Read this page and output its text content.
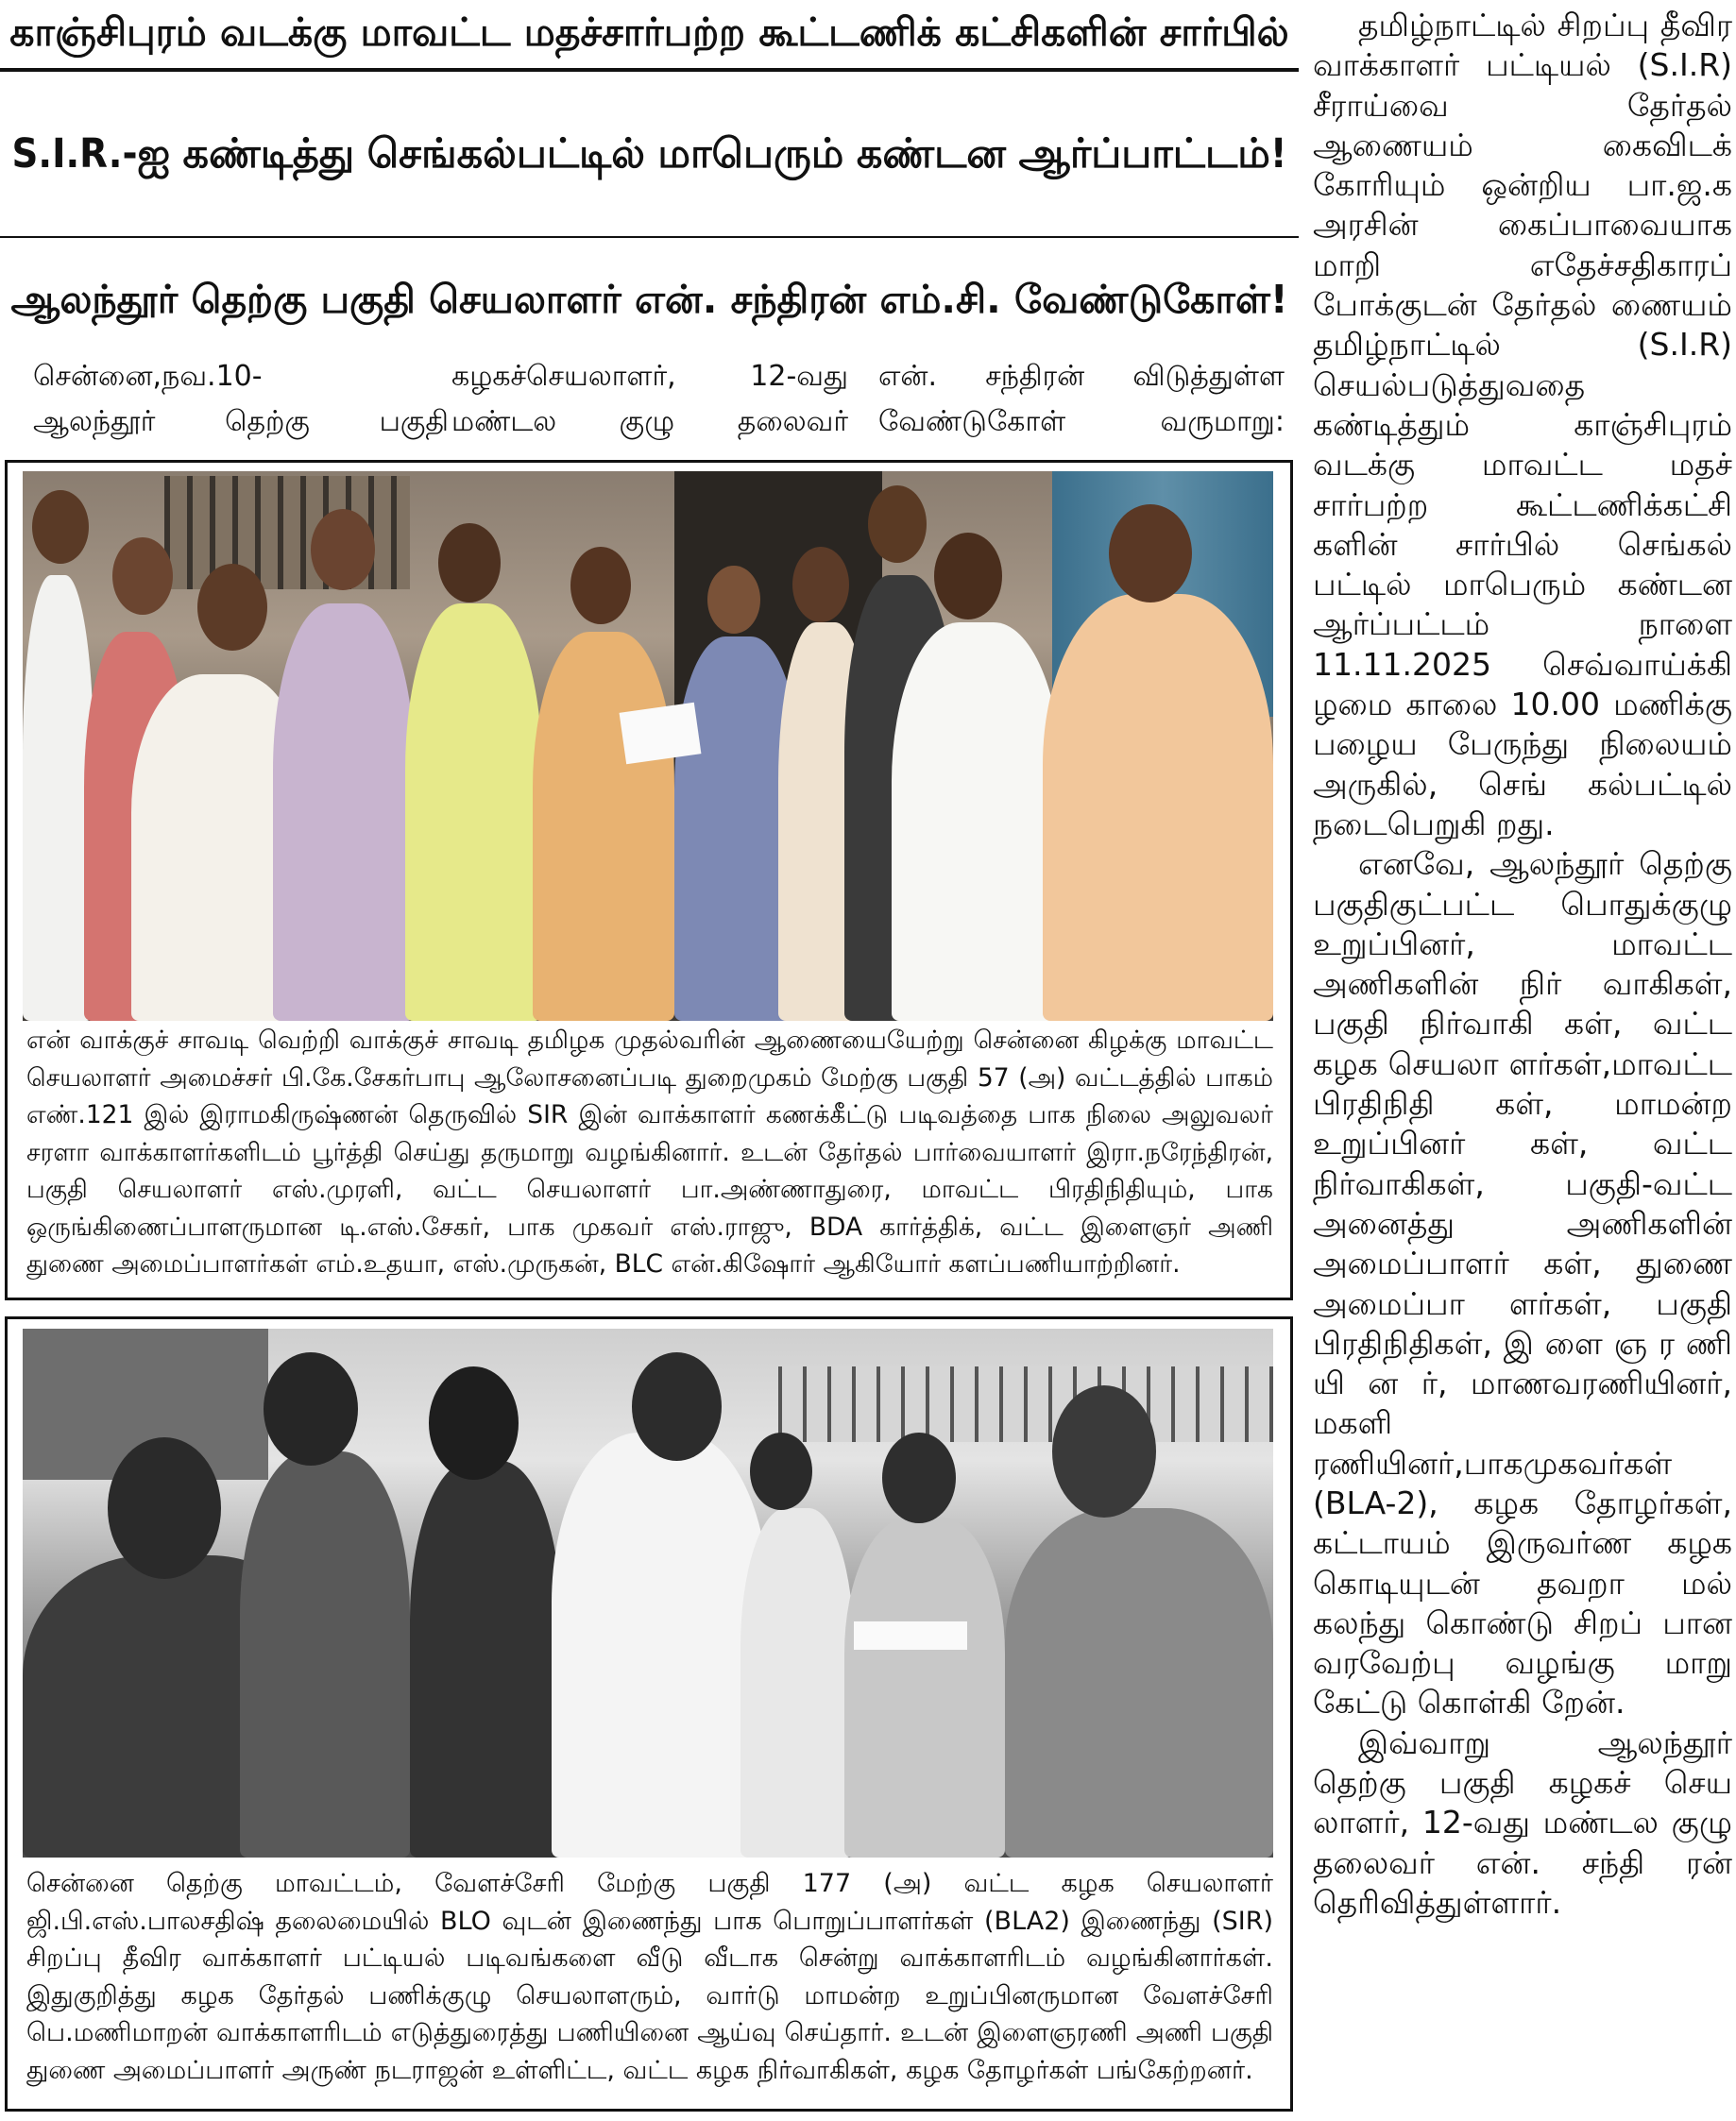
காஞ்சிபுரம் வடக்கு மாவட்ட மதச்சார்பற்ற கூட்டணிக் கட்சிகளின் சார்பில்
S.I.R.-ஐ கண்டித்து செங்கல்பட்டில் மாபெரும் கண்டன ஆர்ப்பாட்டம்!
ஆலந்தூர் தெற்கு பகுதி செயலாளர் என். சந்திரன் எம்.சி. வேண்டுகோள்!
சென்னை,நவ.10-
ஆலந்தூர் தெற்கு பகுதி
கழகச்செயலாளர், 12-வது
மண்டல குழு தலைவர்
என். சந்திரன் விடுத்துள்ள
வேண்டுகோள் வருமாறு:
என் வாக்குச் சாவடி வெற்றி வாக்குச் சாவடி தமிழக முதல்வரின் ஆணையையேற்று சென்னை கிழக்கு மாவட்ட செயலாளர் அமைச்சர் பி.கே.சேகர்பாபு ஆலோசனைப்படி துறைமுகம் மேற்கு பகுதி 57 (அ) வட்டத்தில் பாகம் எண்.121 இல் இராமகிருஷ்ணன் தெருவில் SIR இன் வாக்காளர் கணக்கீட்டு படிவத்தை பாக நிலை அலுவலர் சரளா வாக்காளர்களிடம் பூர்த்தி செய்து தருமாறு வழங்கினார். உடன் தேர்தல் பார்வையாளர் இரா.நரேந்திரன், பகுதி செயலாளர் எஸ்.முரளி, வட்ட செயலாளர் பா.அண்ணாதுரை, மாவட்ட பிரதிநிதியும், பாக ஒருங்கிணைப்பாளருமான டி.எஸ்.சேகர், பாக முகவர் எஸ்.ராஜு, BDA கார்த்திக், வட்ட இளைஞர் அணி துணை அமைப்பாளர்கள் எம்.உதயா, எஸ்.முருகன், BLC என்.கிஷோர் ஆகியோர் களப்பணியாற்றினர்.
சென்னை தெற்கு மாவட்டம், வேளச்சேரி மேற்கு பகுதி 177 (அ) வட்ட கழக செயலாளர் ஜி.பி.எஸ்.பாலசதிஷ் தலைமையில் BLO வுடன் இணைந்து பாக பொறுப்பாளர்கள் (BLA2) இணைந்து (SIR) சிறப்பு தீவிர வாக்காளர் பட்டியல் படிவங்களை வீடு வீடாக சென்று வாக்காளரிடம் வழங்கினார்கள். இதுகுறித்து கழக தேர்தல் பணிக்குழு செயலாளரும், வார்டு மாமன்ற உறுப்பினருமான வேளச்சேரி பெ.மணிமாறன் வாக்காளரிடம் எடுத்துரைத்து பணியினை ஆய்வு செய்தார். உடன் இளைஞரணி அணி பகுதி துணை அமைப்பாளர் அருண் நடராஜன் உள்ளிட்ட, வட்ட கழக நிர்வாகிகள், கழக தோழர்கள் பங்கேற்றனர்.

தமிழ்நாட்டில் சிறப்பு தீவிர வாக்காளர் பட்டியல் (S.I.R) சீராய்வை தேர்தல் ஆணையம் கைவிடக் கோரியும் ஒன்றிய பா.ஜ.க அரசின் கைப்பாவையாக மாறி எதேச்சதிகாரப் போக்குடன் தேர்தல் ணையம் தமிழ்நாட்டில் (S.I.R) செயல்படுத்துவதை கண்டித்தும் காஞ்சிபுரம் வடக்கு மாவட்ட மதச் சார்பற்ற கூட்டணிக்கட்சி களின் சார்பில் செங்கல் பட்டில் மாபெரும் கண்டன ஆர்ப்பட்டம் நாளை 11.11.2025 செவ்வாய்க்கி ழமை காலை 10.00 மணிக்கு பழைய பேருந்து நிலையம் அருகில், செங் கல்பட்டில் நடைபெறுகி றது.

எனவே, ஆலந்தூர் தெற்கு பகுதிகுட்பட்ட பொதுக்குழு உறுப்பினர், மாவட்ட அணிகளின் நிர் வாகிகள், பகுதி நிர்வாகி கள், வட்ட கழக செயலா ளர்கள்,மாவட்ட பிரதிநிதி கள், மாமன்ற உறுப்பினர் கள், வட்ட நிர்வாகிகள், பகுதி-வட்ட அனைத்து அணிகளின் அமைப்பாளர் கள், துணை அமைப்பா ளர்கள், பகுதி பிரதிநிதிகள், இ ளை ஞ ர ணி யி ன ர், மாணவரணியினர், மகளி ரணியினர்,பாகமுகவர்கள் (BLA-2), கழக தோழர்கள், கட்டாயம் இருவர்ண கழக கொடியுடன் தவறா மல் கலந்து கொண்டு சிறப் பான வரவேற்பு வழங்கு மாறு கேட்டு கொள்கி றேன்.

இவ்வாறு ஆலந்தூர் தெற்கு பகுதி கழகச் செய லாளர், 12-வது மண்டல குழு தலைவர் என். சந்தி ரன் தெரிவித்துள்ளார்.
